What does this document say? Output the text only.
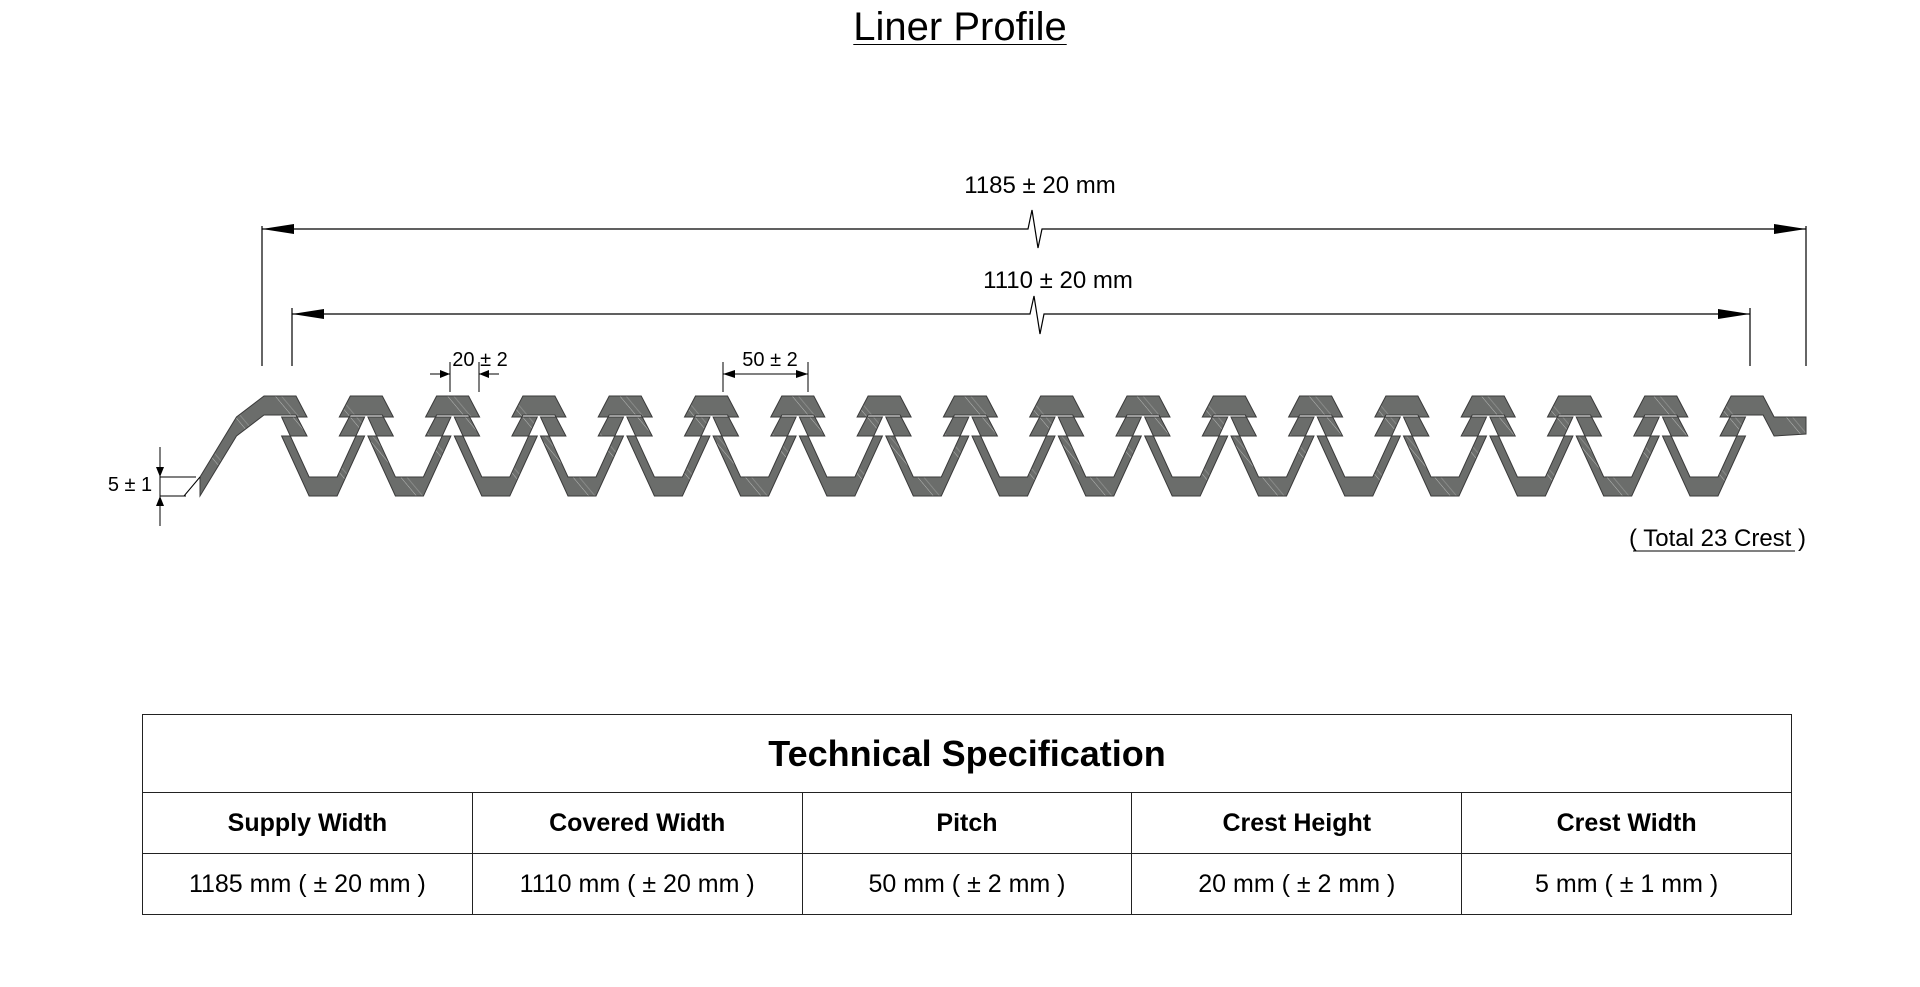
Liner Profile
1185 ± 20 mm
1110 ± 20 mm
20 ± 2	50 ± 2
5 ± 1
( Total 23 Crest )
Technical Specification				
Supply Width	Covered Width	Pitch	Crest Height	Crest Width
1185 mm ( ± 20 mm )	1110 mm ( ± 20 mm )	50 mm ( ± 2 mm )	20 mm ( ± 2 mm )	5 mm ( ± 1 mm )
